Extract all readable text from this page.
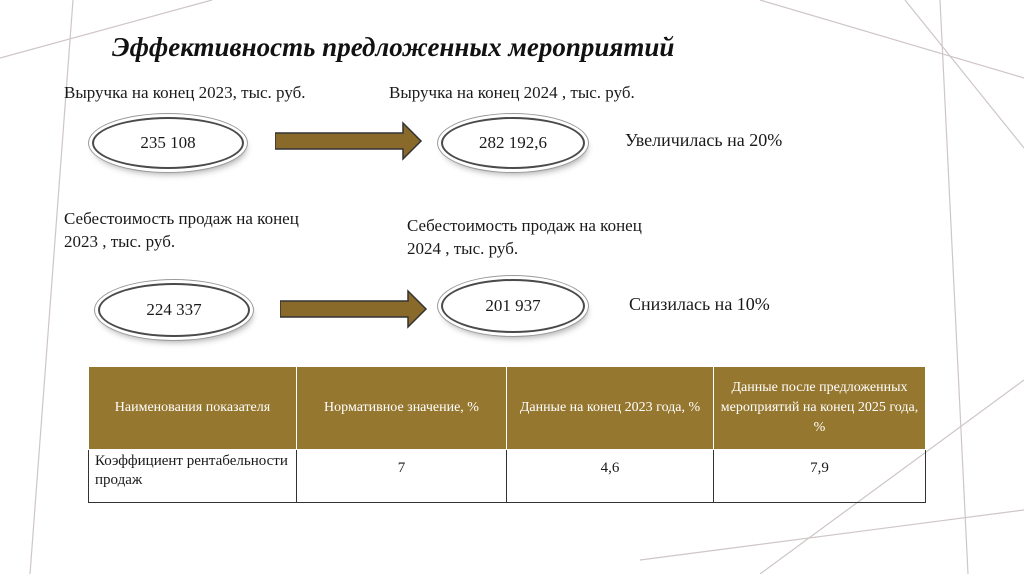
Эффективность предложенных мероприятий
Выручка на конец 2023, тыс. руб.	Выручка на конец 2024 , тыс. руб.
235 108	282 192,6	Увеличилась на 20%
Себестоимость продаж на конец
2023 , тыс. руб.
Себестоимость продаж на конец
2024 , тыс. руб.
224 337	201 937	Снизилась на 10%
Наименования показателя	Нормативное значение, %	Данные на конец 2023 года, %	Данные после предложенных мероприятий на конец 2025 года, %
Коэффициент рентабельности продаж	7	4,6	7,9
